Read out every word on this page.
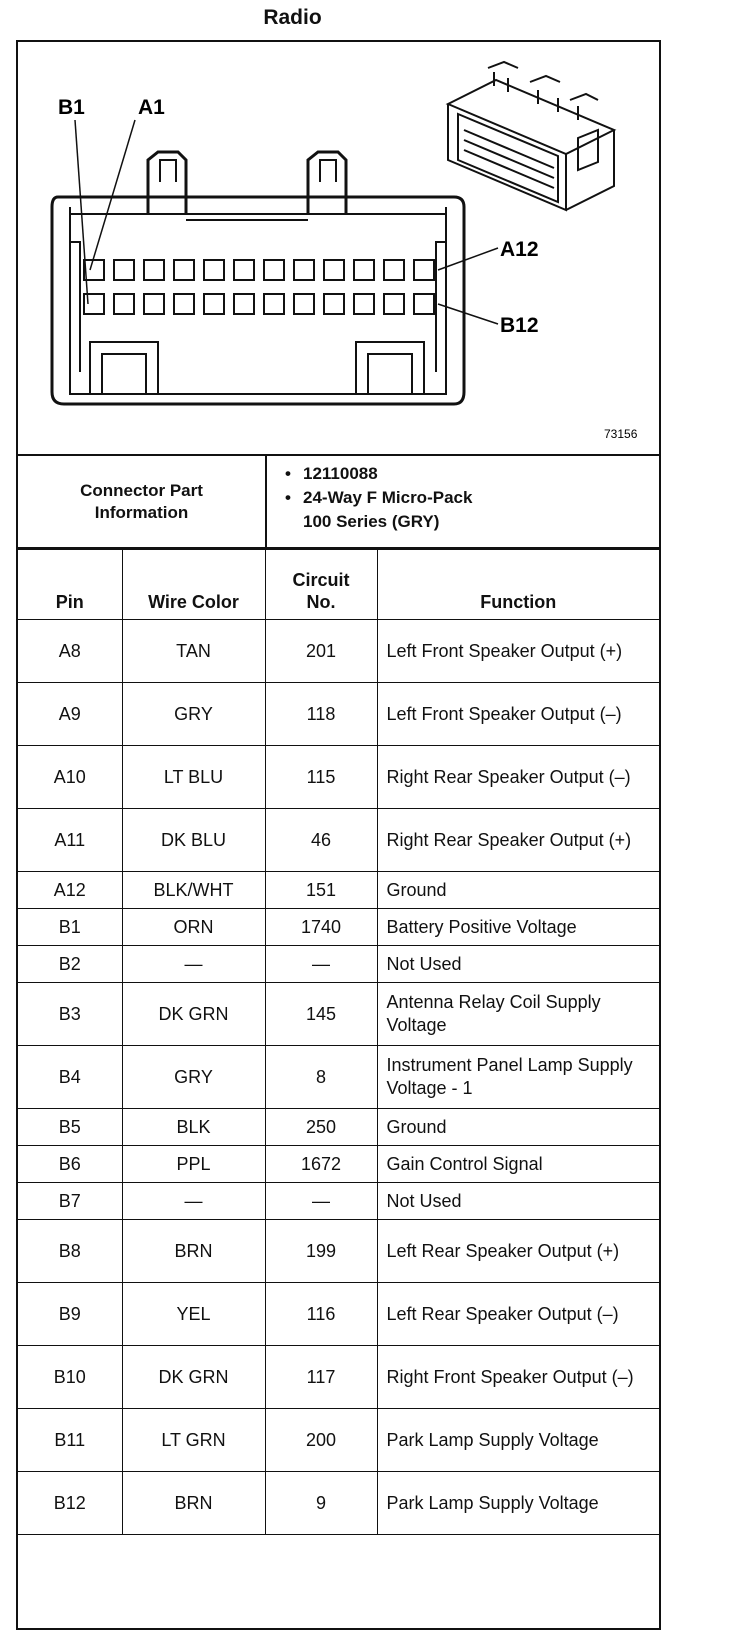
Radio
B1	A1
A12
B12
73156
Connector Part Information
• 12110088
• 24-Way F Micro-Pack
100 Series (GRY)
Pin	Wire Color	Circuit No.	Function
A8	TAN	201	Left Front Speaker Output (+)
A9	GRY	118	Left Front Speaker Output (–)
A10	LT BLU	115	Right Rear Speaker Output (–)
A11	DK BLU	46	Right Rear Speaker Output (+)
A12	BLK/WHT	151	Ground
B1	ORN	1740	Battery Positive Voltage
B2	—	—	Not Used
B3	DK GRN	145	Antenna Relay Coil Supply Voltage
B4	GRY	8	Instrument Panel Lamp Supply Voltage - 1
B5	BLK	250	Ground
B6	PPL	1672	Gain Control Signal
B7	—	—	Not Used
B8	BRN	199	Left Rear Speaker Output (+)
B9	YEL	116	Left Rear Speaker Output (–)
B10	DK GRN	117	Right Front Speaker Output (–)
B11	LT GRN	200	Park Lamp Supply Voltage
B12	BRN	9	Park Lamp Supply Voltage
